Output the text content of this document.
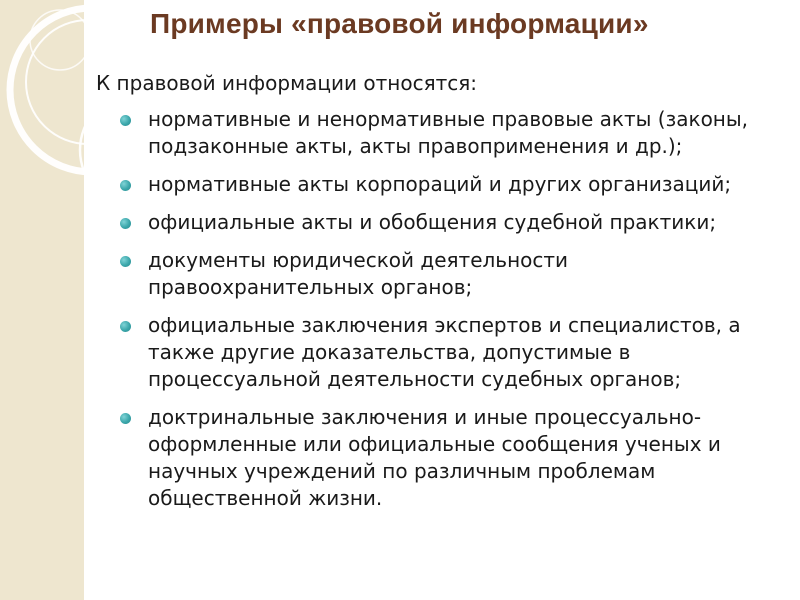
Примеры «правовой информации»

К правовой информации относятся:

нормативные и ненормативные правовые акты (законы, подзаконные акты, акты правоприменения и др.);
нормативные акты корпораций и других организаций;
официальные акты и обобщения судебной практики;
документы юридической деятельности правоохранительных органов;
официальные заключения экспертов и специалистов, а также другие доказательства, допустимые в процессуальной деятельности судебных органов;
доктринальные заключения и иные процессуально-оформленные или официальные сообщения ученых и научных учреждений по различным проблемам общественной жизни.
